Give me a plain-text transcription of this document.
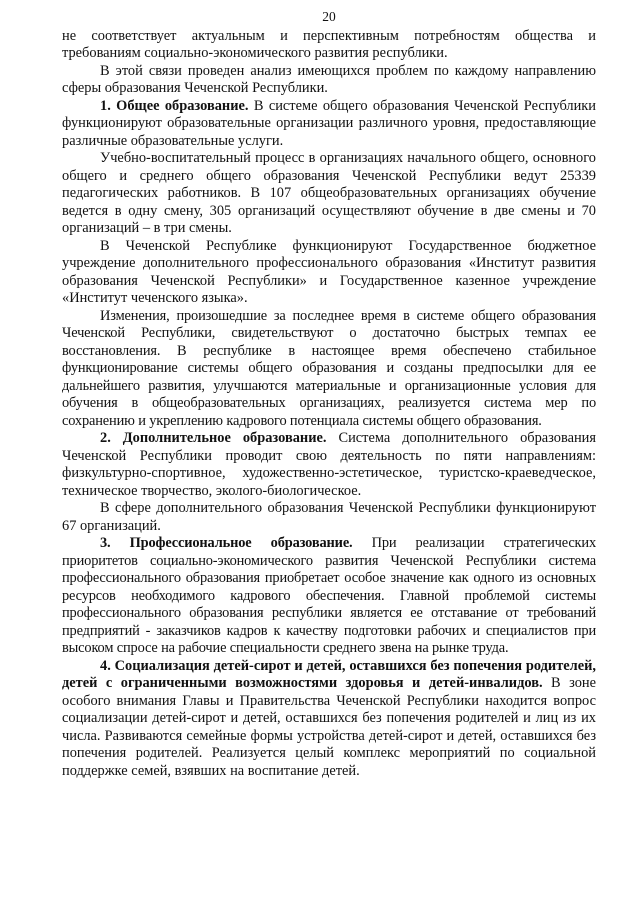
20

не соответствует актуальным и перспективным потребностям общества и требованиям социально-экономического развития республики.

В этой связи проведен анализ имеющихся проблем по каждому направлению сферы образования Чеченской Республики.

1. Общее образование. В системе общего образования Чеченской Республики функционируют образовательные организации различного уровня, предоставляющие различные образовательные услуги.

Учебно-воспитательный процесс в организациях начального общего, основного общего и среднего общего образования Чеченской Республики ведут 25339 педагогических работников. В 107 общеобразовательных организациях обучение ведется в одну смену, 305 организаций осуществляют обучение в две смены и 70 организаций – в три смены.

В Чеченской Республике функционируют Государственное бюджетное учреждение дополнительного профессионального образования «Институт развития образования Чеченской Республики» и Государственное казенное учреждение «Институт чеченского языка».

Изменения, произошедшие за последнее время в системе общего образования Чеченской Республики, свидетельствуют о достаточно быстрых темпах ее восстановления. В республике в настоящее время обеспечено стабильное функционирование системы общего образования и созданы предпосылки для ее дальнейшего развития, улучшаются материальные и организационные условия для обучения в общеобразовательных организациях, реализуется система мер по сохранению и укреплению кадрового потенциала системы общего образования.

2. Дополнительное образование. Система дополнительного образования Чеченской Республики проводит свою деятельность по пяти направлениям: физкультурно-спортивное, художественно-эстетическое, туристско-краеведческое, техническое творчество, эколого-биологическое.

В сфере дополнительного образования Чеченской Республики функционируют 67 организаций.

3. Профессиональное образование. При реализации стратегических приоритетов социально-экономического развития Чеченской Республики система профессионального образования приобретает особое значение как одного из основных ресурсов необходимого кадрового обеспечения. Главной проблемой системы профессионального образования республики является ее отставание от требований предприятий - заказчиков кадров к качеству подготовки рабочих и специалистов при высоком спросе на рабочие специальности среднего звена на рынке труда.

4. Социализация детей-сирот и детей, оставшихся без попечения родителей, детей с ограниченными возможностями здоровья и детей-инвалидов. В зоне особого внимания Главы и Правительства Чеченской Республики находится вопрос социализации детей-сирот и детей, оставшихся без попечения родителей и лиц из их числа. Развиваются семейные формы устройства детей-сирот и детей, оставшихся без попечения родителей. Реализуется целый комплекс мероприятий по социальной поддержке семей, взявших на воспитание детей.
